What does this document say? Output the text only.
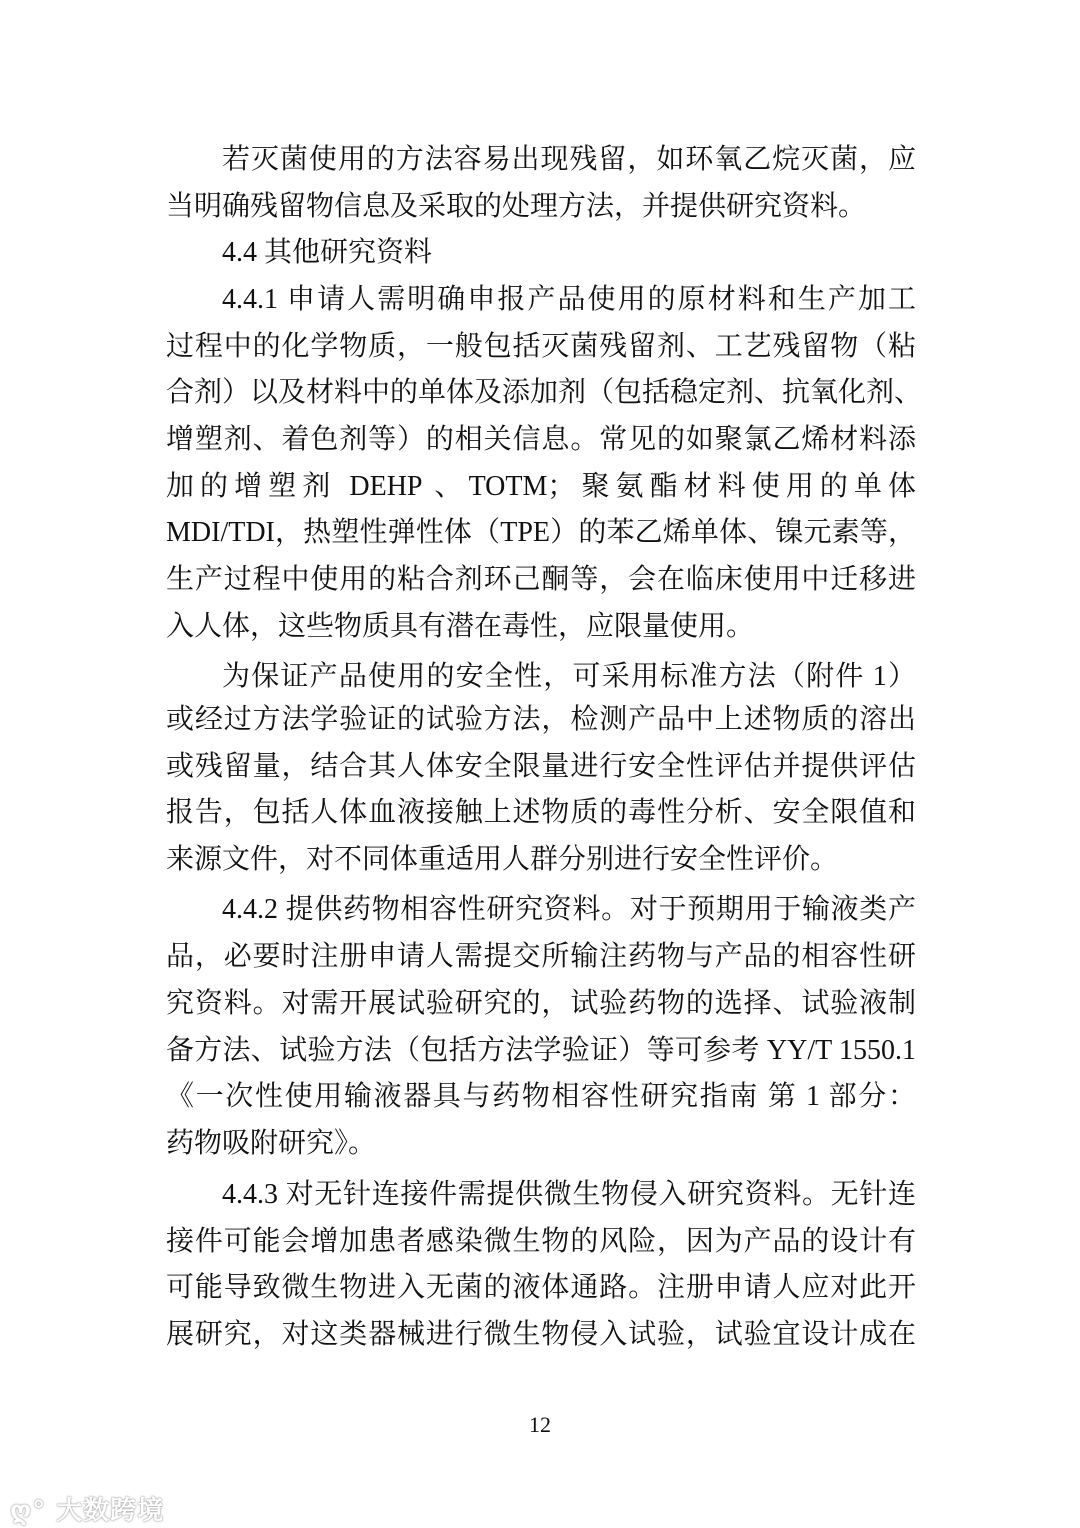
若灭菌使用的方法容易出现残留，如环氧乙烷灭菌，应
当明确残留物信息及采取的处理方法，并提供研究资料。
4.4 其他研究资料
4.4.1 申请人需明确申报产品使用的原材料和生产加工
过程中的化学物质，一般包括灭菌残留剂、工艺残留物（粘
合剂）以及材料中的单体及添加剂（包括稳定剂、抗氧化剂、
增塑剂、着色剂等）的相关信息。常见的如聚氯乙烯材料添
加的增塑剂 DEHP 、TOTM；聚氨酯材料使用的单体
MDI/TDI，热塑性弹性体（TPE）的苯乙烯单体、镍元素等，
生产过程中使用的粘合剂环己酮等，会在临床使用中迁移进
入人体，这些物质具有潜在毒性，应限量使用。
为保证产品使用的安全性，可采用标准方法（附件 1）
或经过方法学验证的试验方法，检测产品中上述物质的溶出
或残留量，结合其人体安全限量进行安全性评估并提供评估
报告，包括人体血液接触上述物质的毒性分析、安全限值和
来源文件，对不同体重适用人群分别进行安全性评价。
4.4.2 提供药物相容性研究资料。对于预期用于输液类产
品，必要时注册申请人需提交所输注药物与产品的相容性研
究资料。对需开展试验研究的，试验药物的选择、试验液制
备方法、试验方法（包括方法学验证）等可参考 YY/T 1550.1
《一次性使用输液器具与药物相容性研究指南 第 1 部分：
药物吸附研究》。
4.4.3 对无针连接件需提供微生物侵入研究资料。无针连
接件可能会增加患者感染微生物的风险，因为产品的设计有
可能导致微生物进入无菌的液体通路。注册申请人应对此开
展研究，对这类器械进行微生物侵入试验，试验宜设计成在
12
ღ° 大数跨境
